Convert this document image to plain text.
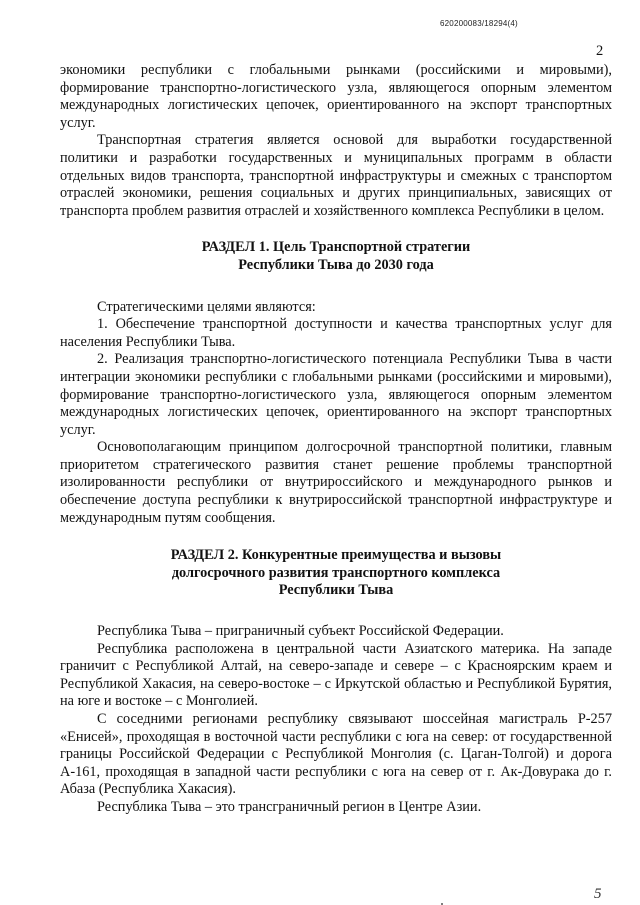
620200083/18294(4)
2

экономики республики с глобальными рынками (российскими и мировыми), формирование транспортно-логистического узла, являющегося опорным элементом международных логистических цепочек, ориентированного на экспорт транспортных услуг.

Транспортная стратегия является основой для выработки государственной политики и разработки государственных и муниципальных программ в области отдельных видов транспорта, транспортной инфраструктуры и смежных с транспортом отраслей экономики, решения социальных и других принципиальных, зависящих от транспорта проблем развития отраслей и хозяйственного комплекса Республики в целом.

РАЗДЕЛ 1. Цель Транспортной стратегии
Республики Тыва до 2030 года

Стратегическими целями являются:

1. Обеспечение транспортной доступности и качества транспортных услуг для населения Республики Тыва.

2. Реализация транспортно-логистического потенциала Республики Тыва в части интеграции экономики республики с глобальными рынками (российскими и мировыми), формирование транспортно-логистического узла, являющегося опорным элементом международных логистических цепочек, ориентированного на экспорт транспортных услуг.

Основополагающим принципом долгосрочной транспортной политики, главным приоритетом стратегического развития станет решение проблемы транспортной изолированности республики от внутрироссийского и международного рынков и обеспечение доступа республики к внутрироссийской транспортной инфраструктуре и международным путям сообщения.

РАЗДЕЛ 2. Конкурентные преимущества и вызовы
долгосрочного развития транспортного комплекса
Республики Тыва

Республика Тыва – приграничный субъект Российской Федерации.

Республика расположена в центральной части Азиатского материка. На западе граничит с Республикой Алтай, на северо-западе и севере – с Красноярским краем и Республикой Хакасия, на северо-востоке – с Иркутской областью и Республикой Бурятия, на юге и востоке – с Монголией.

С соседними регионами республику связывают шоссейная магистраль Р-257 «Енисей», проходящая в восточной части республики с юга на север: от государственной границы Российской Федерации с Республикой Монголия (с. Цаган-Толгой) и дорога А-161, проходящая в западной части республики с юга на север от г. Ак-Довурака до г. Абаза (Республика Хакасия).

Республика Тыва – это трансграничный регион в Центре Азии.

5
